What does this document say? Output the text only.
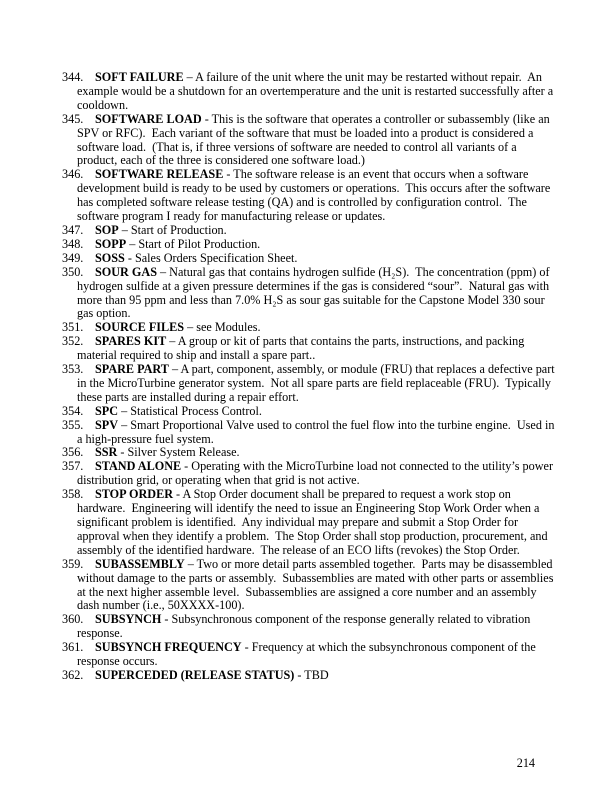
344. SOFT FAILURE – A failure of the unit where the unit may be restarted without repair.  An example would be a shutdown for an overtemperature and the unit is restarted successfully after a cooldown.
345. SOFTWARE LOAD - This is the software that operates a controller or subassembly (like an SPV or RFC).  Each variant of the software that must be loaded into a product is considered a software load.  (That is, if three versions of software are needed to control all variants of a product, each of the three is considered one software load.)
346. SOFTWARE RELEASE - The software release is an event that occurs when a software development build is ready to be used by customers or operations.  This occurs after the software has completed software release testing (QA) and is controlled by configuration control.  The software program I ready for manufacturing release or updates.
347. SOP – Start of Production.
348. SOPP – Start of Pilot Production.
349. SOSS - Sales Orders Specification Sheet.
350. SOUR GAS – Natural gas that contains hydrogen sulfide (H₂S).  The concentration (ppm) of hydrogen sulfide at a given pressure determines if the gas is considered “sour”.  Natural gas with more than 95 ppm and less than 7.0% H₂S as sour gas suitable for the Capstone Model 330 sour gas option.
351. SOURCE FILES – see Modules.
352. SPARES KIT – A group or kit of parts that contains the parts, instructions, and packing material required to ship and install a spare part..
353. SPARE PART – A part, component, assembly, or module (FRU) that replaces a defective part in the MicroTurbine generator system.  Not all spare parts are field replaceable (FRU).  Typically these parts are installed during a repair effort.
354. SPC – Statistical Process Control.
355. SPV – Smart Proportional Valve used to control the fuel flow into the turbine engine.  Used in a high-pressure fuel system.
356. SSR - Silver System Release.
357. STAND ALONE - Operating with the MicroTurbine load not connected to the utility’s power distribution grid, or operating when that grid is not active.
358. STOP ORDER - A Stop Order document shall be prepared to request a work stop on hardware.  Engineering will identify the need to issue an Engineering Stop Work Order when a significant problem is identified.  Any individual may prepare and submit a Stop Order for approval when they identify a problem.  The Stop Order shall stop production, procurement, and assembly of the identified hardware.  The release of an ECO lifts (revokes) the Stop Order.
359. SUBASSEMBLY – Two or more detail parts assembled together.  Parts may be disassembled without damage to the parts or assembly.  Subassemblies are mated with other parts or assemblies at the next higher assemble level.  Subassemblies are assigned a core number and an assembly dash number (i.e., 50XXXX-100).
360. SUBSYNCH - Subsynchronous component of the response generally related to vibration response.
361. SUBSYNCH FREQUENCY - Frequency at which the subsynchronous component of the response occurs.
362. SUPERCEDED (RELEASE STATUS) - TBD
214
